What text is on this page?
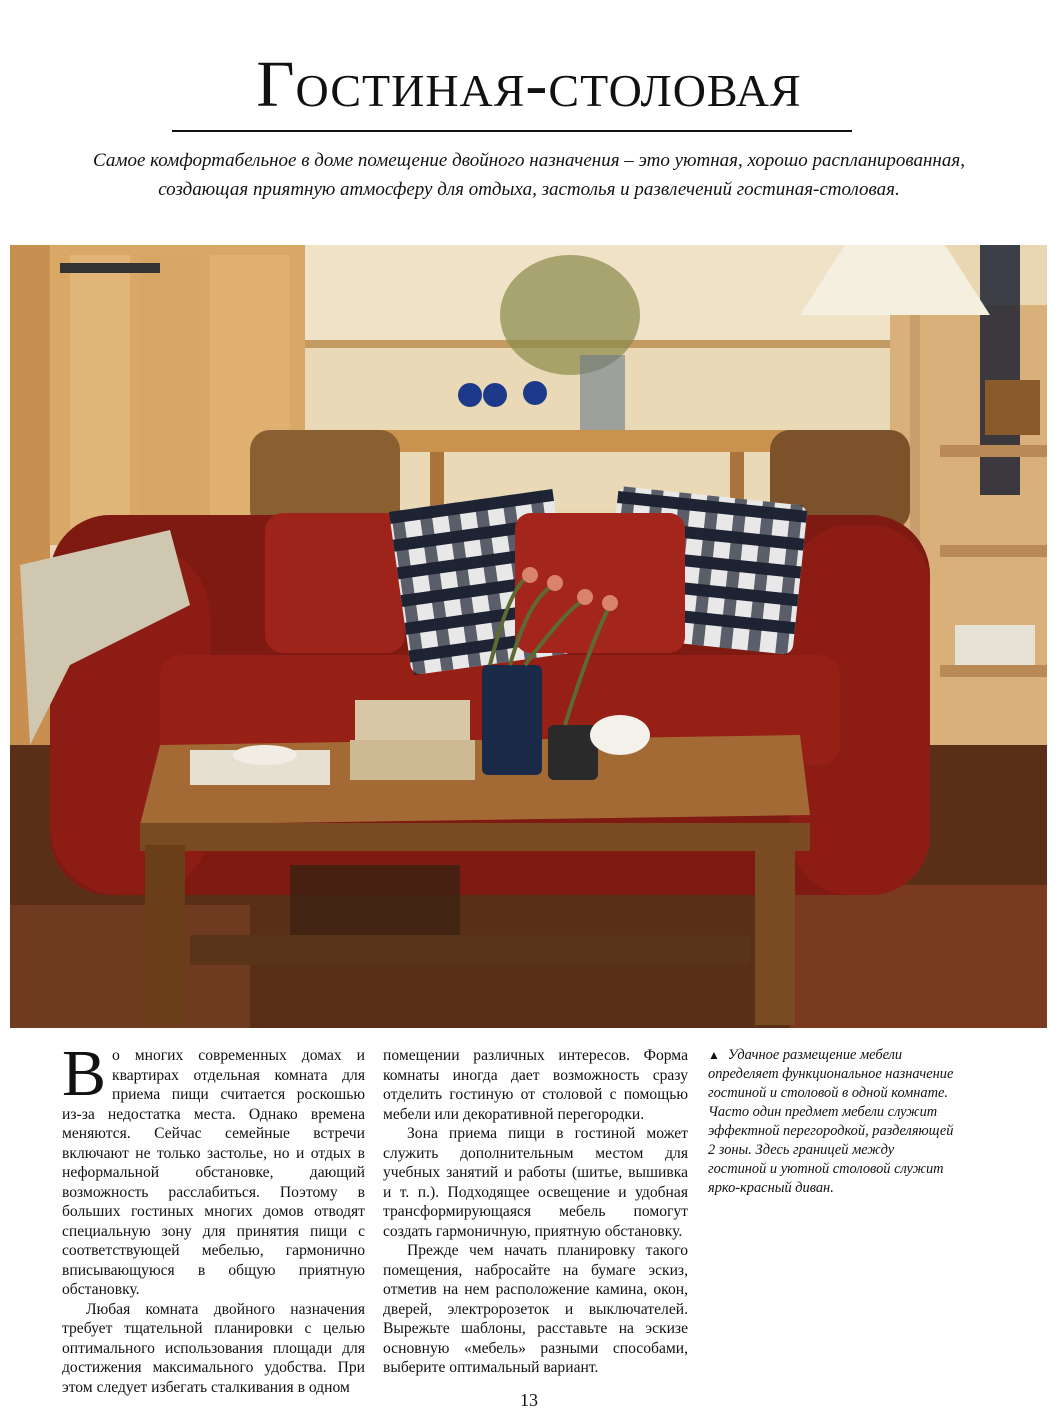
Гостиная-столовая
Самое комфортабельное в доме помещение двойного назначения – это уютная, хорошо распланированная, создающая приятную атмосферу для отдыха, застолья и развлечений гостиная-столовая.

Во многих современных домах и квартирах отдельная комната для приема пищи считается роскошью из-за недостатка места. Однако времена меняются. Сейчас семейные встречи включают не только застолье, но и отдых в неформальной обстановке, дающий возможность расслабиться. Поэтому в больших гостиных многих домов отводят специальную зону для принятия пищи с соответствующей мебелью, гармонично вписывающуюся в общую приятную обстановку.

Любая комната двойного назначения требует тщательной планировки с целью оптимального использования площади для достижения максимального удобства. При этом следует избегать сталкивания в одном

помещении различных интересов. Форма комнаты иногда дает возможность сразу отделить гостиную от столовой с помощью мебели или декоративной перегородки.

Зона приема пищи в гостиной может служить дополнительным местом для учебных занятий и работы (шитье, вышивка и т. п.). Подходящее освещение и удобная трансформирующаяся мебель помогут создать гармоничную, приятную обстановку.

Прежде чем начать планировку такого помещения, набросайте на бумаге эскиз, отметив на нем расположение камина, окон, дверей, электророзеток и выключателей. Вырежьте шаблоны, расставьте на эскизе основную «мебель» разными способами, выберите оптимальный вариант.

▲ Удачное размещение мебели определяет функциональное назначение гостиной и столовой в одной комнате. Часто один предмет мебели служит эффектной перегородкой, разделяющей 2 зоны. Здесь границей между гостиной и уютной столовой служит ярко-красный диван.
13
